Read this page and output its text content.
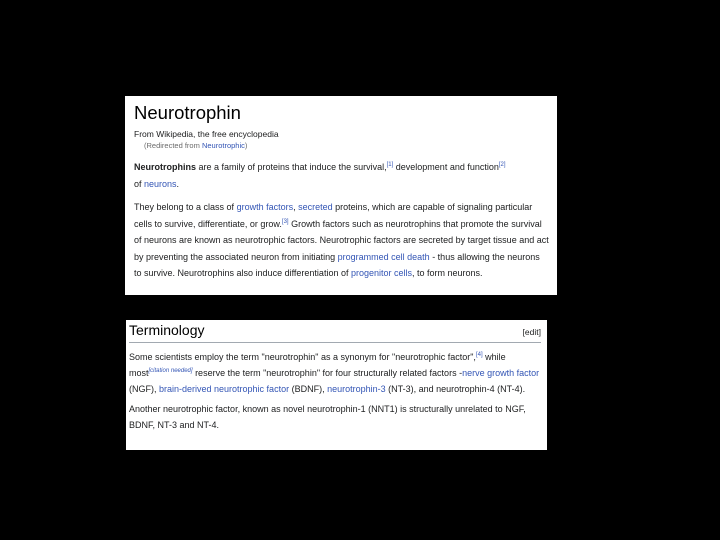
Neurotrophin
From Wikipedia, the free encyclopedia
(Redirected from Neurotrophic)

Neurotrophins are a family of proteins that induce the survival,[1] development and function[2]
of neurons.

They belong to a class of growth factors, secreted proteins, which are capable of signaling particular cells to survive, differentiate, or grow.[3] Growth factors such as neurotrophins that promote the survival of neurons are known as neurotrophic factors. Neurotrophic factors are secreted by target tissue and act by preventing the associated neuron from initiating programmed cell death - thus allowing the neurons to survive. Neurotrophins also induce differentiation of progenitor cells, to form neurons.

Terminology	[edit]

Some scientists employ the term "neurotrophin" as a synonym for "neurotrophic factor",[4] while most[citation needed] reserve the term "neurotrophin" for four structurally related factors -nerve growth factor (NGF), brain-derived neurotrophic factor (BDNF), neurotrophin-3 (NT-3), and neurotrophin-4 (NT-4).

Another neurotrophic factor, known as novel neurotrophin-1 (NNT1) is structurally unrelated to NGF, BDNF, NT-3 and NT-4.
